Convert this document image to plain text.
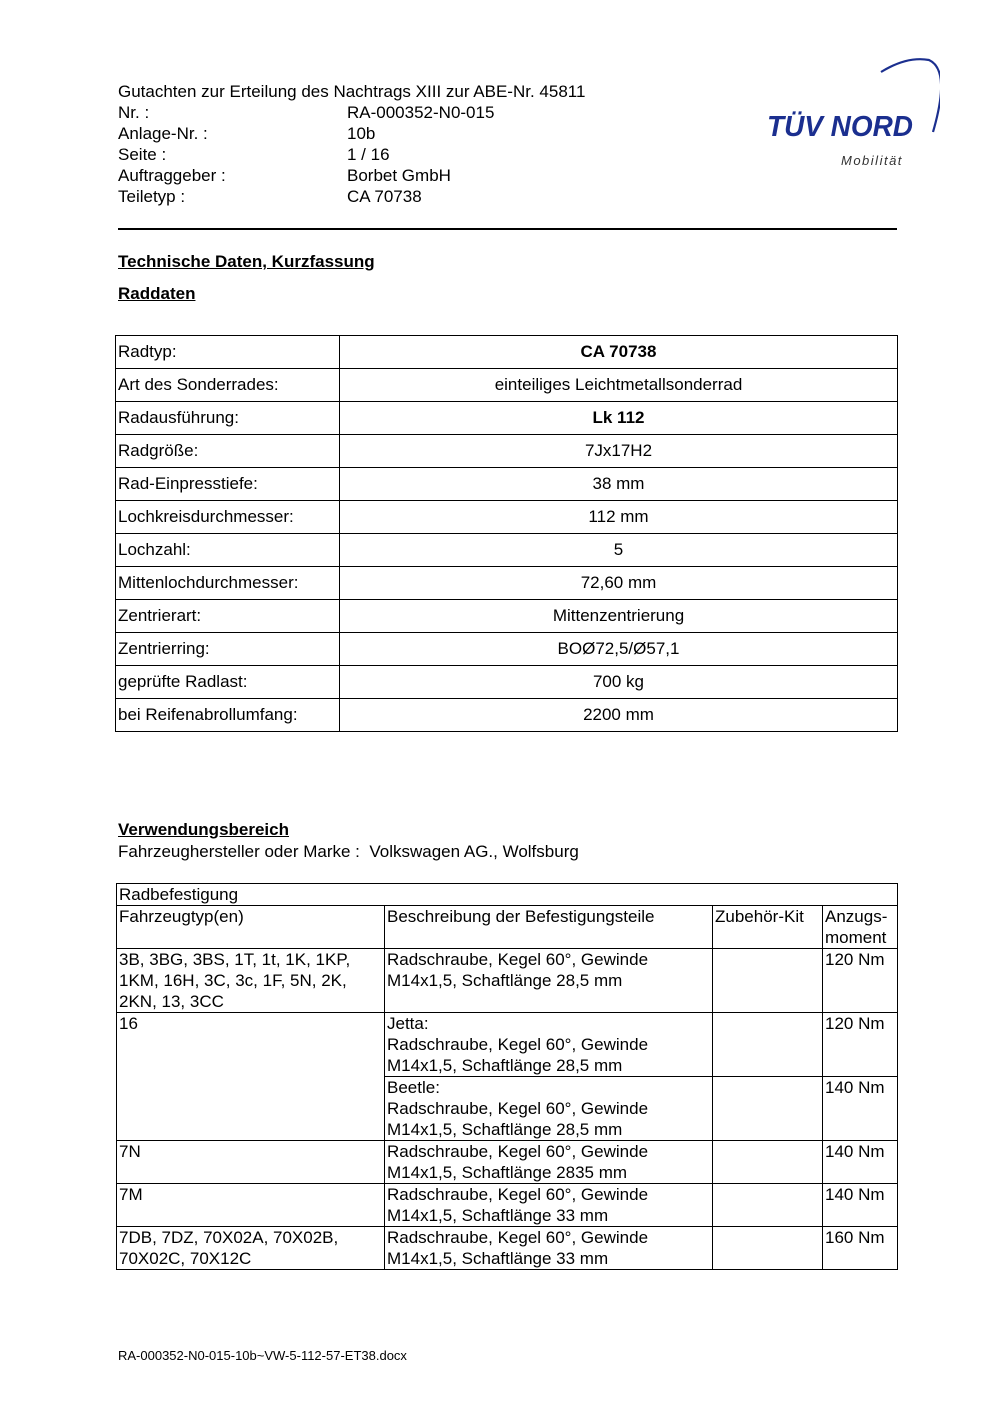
Gutachten zur Erteilung des Nachtrags XIII zur ABE-Nr. 45811
Nr. :	RA-000352-N0-015
Anlage-Nr. :	10b
Seite :	1 / 16
Auftraggeber :	Borbet GmbH
Teiletyp :	CA 70738
TÜV NORD
Mobilität
Technische Daten, Kurzfassung
Raddaten
Radtyp:	CA 70738
Art des Sonderrades:	einteiliges Leichtmetallsonderrad
Radausführung:	Lk 112
Radgröße:	7Jx17H2
Rad-Einpresstiefe:	38 mm
Lochkreisdurchmesser:	112 mm
Lochzahl:	5
Mittenlochdurchmesser:	72,60 mm
Zentrierart:	Mittenzentrierung
Zentrierring:	BOØ72,5/Ø57,1
geprüfte Radlast:	700 kg
bei Reifenabrollumfang:	2200 mm
Verwendungsbereich
Fahrzeughersteller oder Marke : Volkswagen AG., Wolfsburg
Radbefestigung			
Fahrzeugtyp(en)	Beschreibung der Befestigungsteile	Zubehör-Kit	Anzugs-moment
3B, 3BG, 3BS, 1T, 1t, 1K, 1KP, 1KM, 16H, 3C, 3c, 1F, 5N, 2K, 2KN, 13, 3CC	Radschraube, Kegel 60°, Gewinde M14x1,5, Schaftlänge 28,5 mm		120 Nm
16	Jetta:
Radschraube, Kegel 60°, Gewinde M14x1,5, Schaftlänge 28,5 mm		120 Nm
	Beetle:
Radschraube, Kegel 60°, Gewinde M14x1,5, Schaftlänge 28,5 mm		140 Nm
7N	Radschraube, Kegel 60°, Gewinde M14x1,5, Schaftlänge 2835 mm		140 Nm
7M	Radschraube, Kegel 60°, Gewinde M14x1,5, Schaftlänge 33 mm		140 Nm
7DB, 7DZ, 70X02A, 70X02B, 70X02C, 70X12C	Radschraube, Kegel 60°, Gewinde M14x1,5, Schaftlänge 33 mm		160 Nm
RA-000352-N0-015-10b~VW-5-112-57-ET38.docx
